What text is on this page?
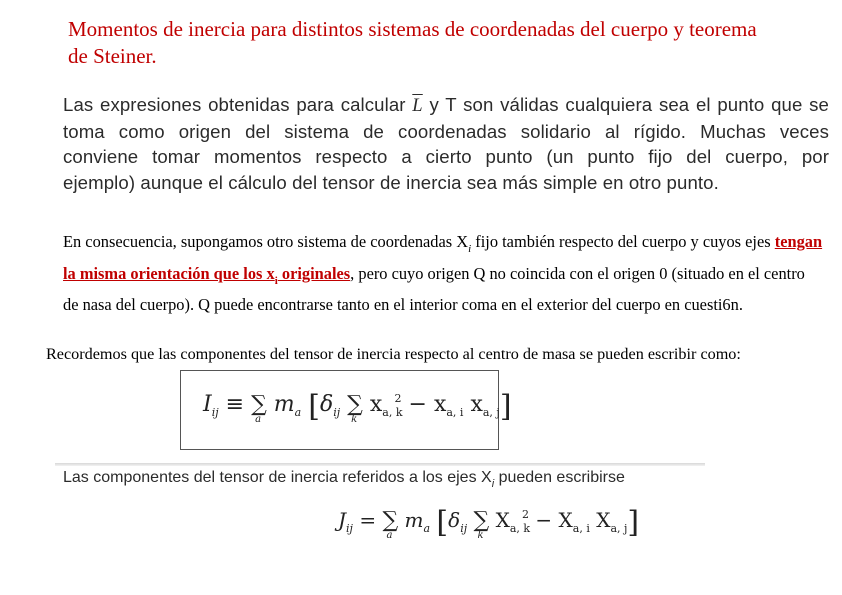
Momentos de inercia para distintos sistemas de coordenadas del cuerpo y teorema de Steiner.
Las expresiones obtenidas para calcular $\overline{L}$ y T son válidas cualquiera sea el punto que se
toma como origen del sistema de coordenadas solidario al rígido. Muchas veces
conviene tomar momentos respecto a cierto punto (un punto fijo del cuerpo, por
ejemplo) aunque el cálculo del tensor de inercia sea más simple en otro punto.
En consecuencia, supongamos otro sistema de coordenadas $X_i$ fijo también respecto del cuerpo y cuyos ejes tengan la misma orientación que los $x_i$ originales, pero cuyo origen Q no coincida con el origen 0 (situado en el centro de nasa del cuerpo). Q puede encontrarse tanto en el interior coma en el exterior del cuerpo en cuesti6n.
Recordemos que las componentes del tensor de inercia respecto al centro de masa se pueden escribir como:
$I_{ij}$ ≡ ∑
a
$m_a$ [$\delta_{ij}$ ∑
k
$x_{a, k}^2 - x_{a, i}$ $x_{a, j}$]
Las componentes del tensor de inercia referidos a los ejes $X_i$ pueden escribirse
$J_{ij}$ = ∑
a
$m_a$ [$\delta_{ij}$ ∑
k
$X_{a, k}^2 - X_{a, i}$ $X_{a, j}$]
